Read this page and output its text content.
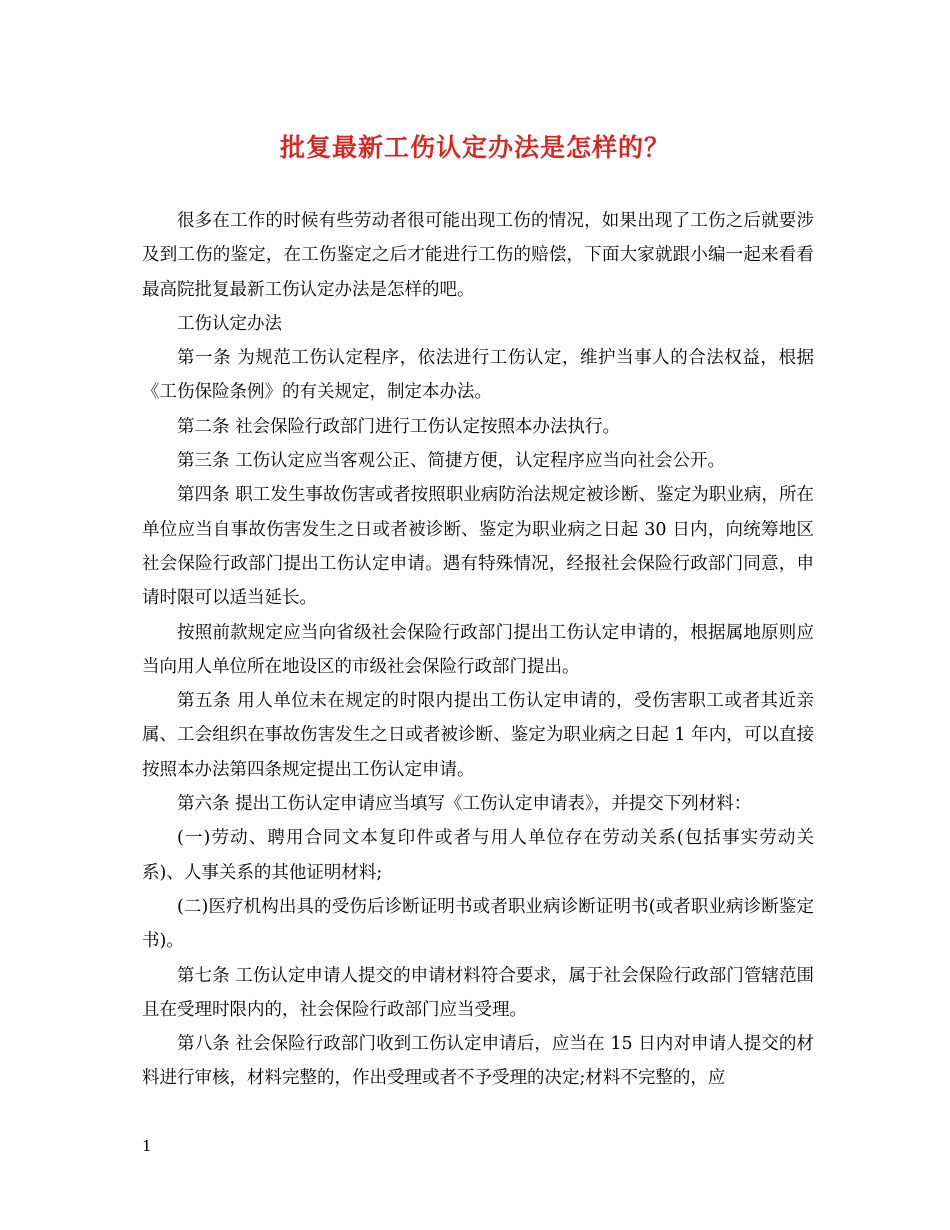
批复最新工伤认定办法是怎样的？

很多在工作的时候有些劳动者很可能出现工伤的情况，如果出现了工伤之后就要涉及到工伤的鉴定，在工伤鉴定之后才能进行工伤的赔偿，下面大家就跟小编一起来看看最高院批复最新工伤认定办法是怎样的吧。

工伤认定办法

第一条 为规范工伤认定程序，依法进行工伤认定，维护当事人的合法权益，根据《工伤保险条例》的有关规定，制定本办法。

第二条 社会保险行政部门进行工伤认定按照本办法执行。

第三条 工伤认定应当客观公正、简捷方便，认定程序应当向社会公开。

第四条 职工发生事故伤害或者按照职业病防治法规定被诊断、鉴定为职业病，所在单位应当自事故伤害发生之日或者被诊断、鉴定为职业病之日起 30 日内，向统筹地区社会保险行政部门提出工伤认定申请。遇有特殊情况，经报社会保险行政部门同意，申请时限可以适当延长。

按照前款规定应当向省级社会保险行政部门提出工伤认定申请的，根据属地原则应当向用人单位所在地设区的市级社会保险行政部门提出。

第五条 用人单位未在规定的时限内提出工伤认定申请的，受伤害职工或者其近亲属、工会组织在事故伤害发生之日或者被诊断、鉴定为职业病之日起 1 年内，可以直接按照本办法第四条规定提出工伤认定申请。

第六条 提出工伤认定申请应当填写《工伤认定申请表》，并提交下列材料：

(一)劳动、聘用合同文本复印件或者与用人单位存在劳动关系(包括事实劳动关系)、人事关系的其他证明材料;

(二)医疗机构出具的受伤后诊断证明书或者职业病诊断证明书(或者职业病诊断鉴定书)。

第七条 工伤认定申请人提交的申请材料符合要求，属于社会保险行政部门管辖范围且在受理时限内的，社会保险行政部门应当受理。

第八条 社会保险行政部门收到工伤认定申请后，应当在 15 日内对申请人提交的材料进行审核，材料完整的，作出受理或者不予受理的决定;材料不完整的，应

1
